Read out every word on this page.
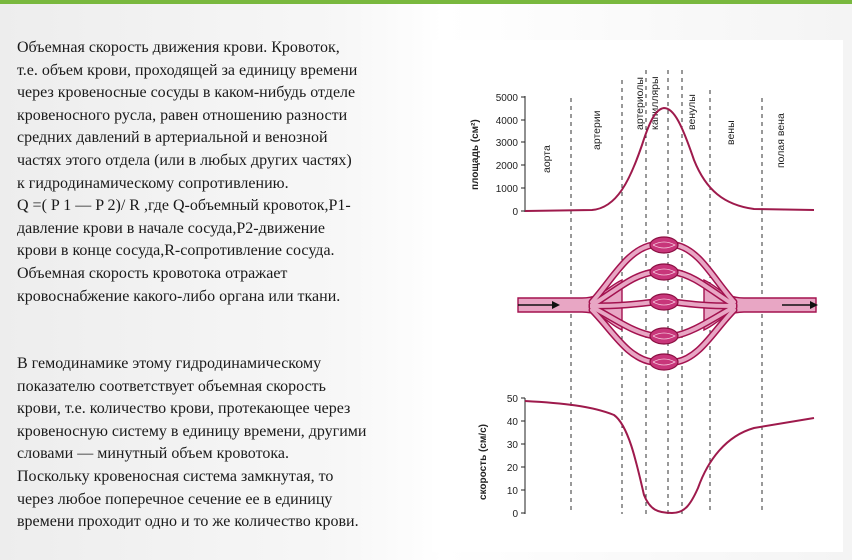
Объемная скорость движения крови. Кровоток,
т.е. объем крови, проходящей за единицу времени
через кровеносные сосуды в каком-нибудь отделе
кровеносного русла, равен отношению разности
средних давлений в артериальной и венозной
частях этого отдела (или в любых других частях)
к гидродинамическому сопротивлению.
Q =( P 1 — P 2)/ R ,где Q-объемный кровоток,P1-
давление крови в начале сосуда,P2-движение
крови в конце сосуда,R-сопротивление сосуда.
Объемная скорость кровотока отражает
кровоснабжение какого-либо органа или ткани.
В гемодинамике этому гидродинамическому
показателю соответствует объемная скорость
крови, т.е. количество крови, протекающее через
кровеносную систему в единицу времени, другими
словами — минутный объем кровотока.
Поскольку кровеносная система замкнутая, то
через любое поперечное сечение ее в единицу
времени проходит одно и то же количество крови.
артериолы капилляры венулы
аорта
артерии	вены	полая вена
площадь (см²)
5000
4000
3000
2000
1000
0
скорость (см/с)
50
40
30
20
10
0
